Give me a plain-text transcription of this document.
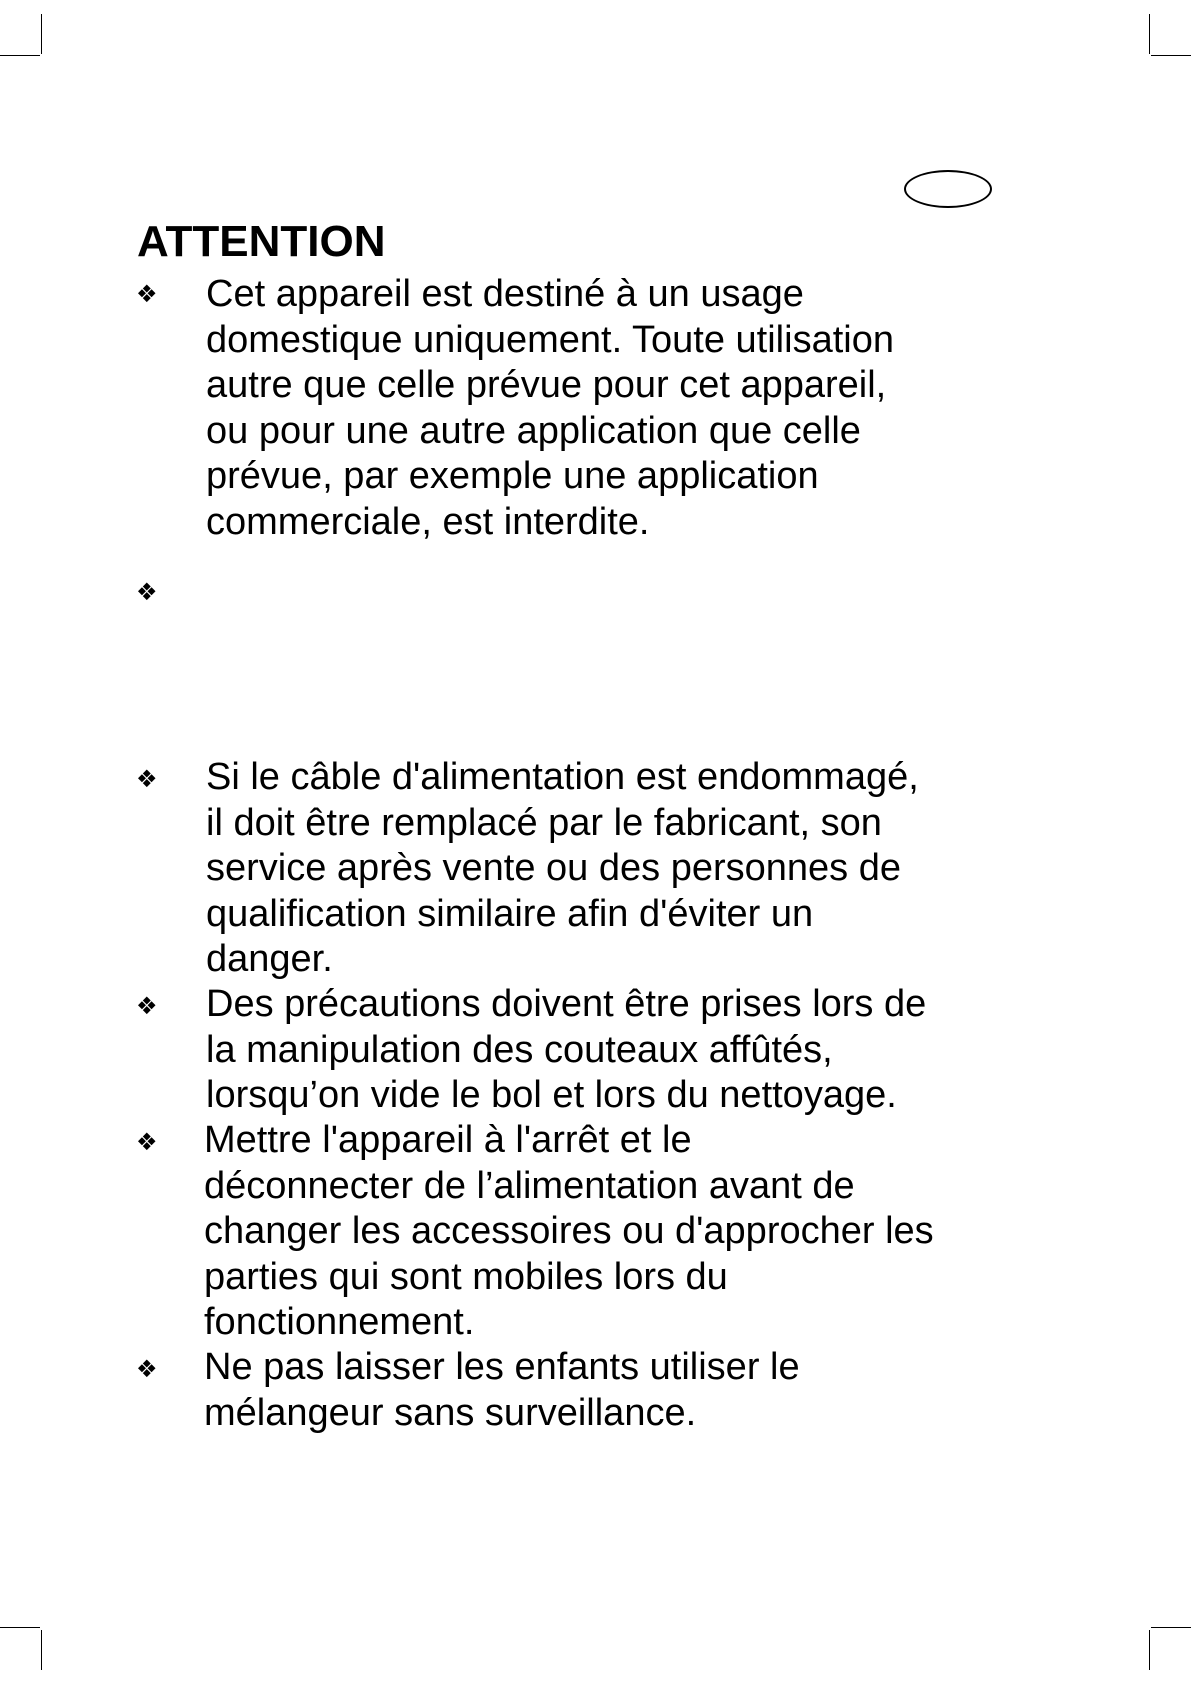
ATTENTION
❖ Cet appareil est destiné à un usage
domestique uniquement. Toute utilisation
autre que celle prévue pour cet appareil,
ou pour une autre application que celle
prévue, par exemple une application
commerciale, est interdite.

❖

❖ Si le câble d'alimentation est endommagé,
il doit être remplacé par le fabricant, son
service après vente ou des personnes de
qualification similaire afin d'éviter un
danger.

❖ Des précautions doivent être prises lors de
la manipulation des couteaux affûtés,
lorsqu’on vide le bol et lors du nettoyage.

❖ Mettre l'appareil à l'arrêt et le
déconnecter de l’alimentation avant de
changer les accessoires ou d'approcher les
parties qui sont mobiles lors du
fonctionnement.

❖ Ne pas laisser les enfants utiliser le
mélangeur sans surveillance.
